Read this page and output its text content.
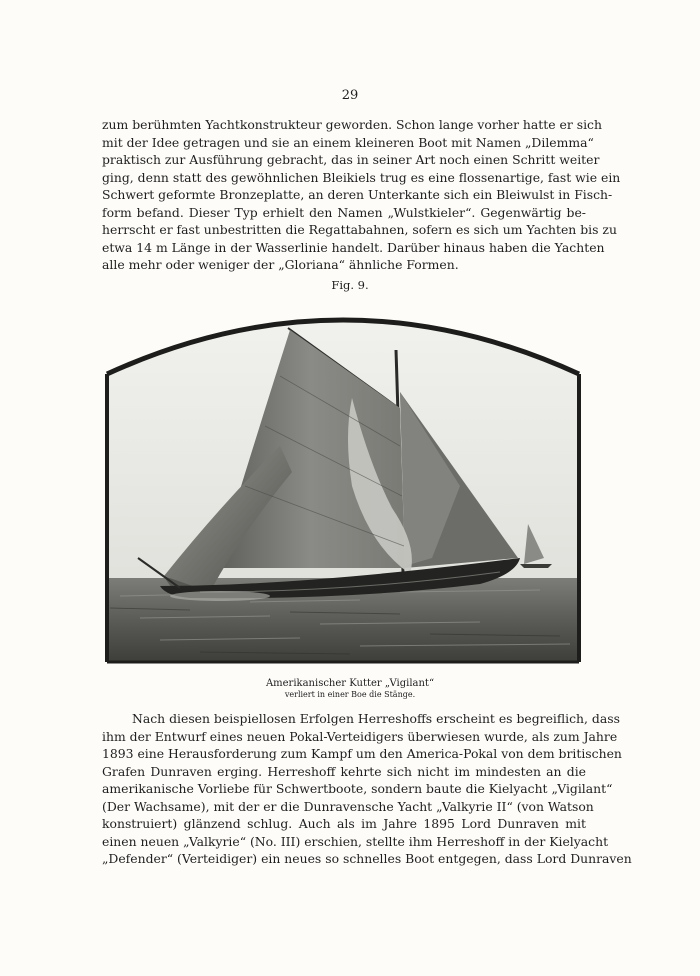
29
zum berühmten Yachtkonstrukteur geworden. Schon lange vorher hatte er sich
mit der Idee getragen und sie an einem kleineren Boot mit Namen „Dilemma“
praktisch zur Ausführung gebracht, das in seiner Art noch einen Schritt weiter
ging, denn statt des gewöhnlichen Bleikiels trug es eine flossenartige, fast wie ein
Schwert geformte Bronzeplatte, an deren Unterkante sich ein Bleiwulst in Fisch-
form befand. Dieser Typ erhielt den Namen „Wulstkieler“. Gegenwärtig be-
herrscht er fast unbestritten die Regattabahnen, sofern es sich um Yachten bis zu
etwa 14 m Länge in der Wasserlinie handelt. Darüber hinaus haben die Yachten
alle mehr oder weniger der „Gloriana“ ähnliche Formen.
Fig. 9.
Amerikanischer Kutter „Vigilant“
verliert in einer Boe die Stänge.
Nach diesen beispiellosen Erfolgen Herreshoffs erscheint es begreiflich, dass
ihm der Entwurf eines neuen Pokal-Verteidigers überwiesen wurde, als zum Jahre
1893 eine Herausforderung zum Kampf um den America-Pokal von dem britischen
Grafen Dunraven erging. Herreshoff kehrte sich nicht im mindesten an die
amerikanische Vorliebe für Schwertboote, sondern baute die Kielyacht „Vigilant“
(Der Wachsame), mit der er die Dunravensche Yacht „Valkyrie II“ (von Watson
konstruiert) glänzend schlug. Auch als im Jahre 1895 Lord Dunraven mit
einen neuen „Valkyrie“ (No. III) erschien, stellte ihm Herreshoff in der Kielyacht
„Defender“ (Verteidiger) ein neues so schnelles Boot entgegen, dass Lord Dunraven
